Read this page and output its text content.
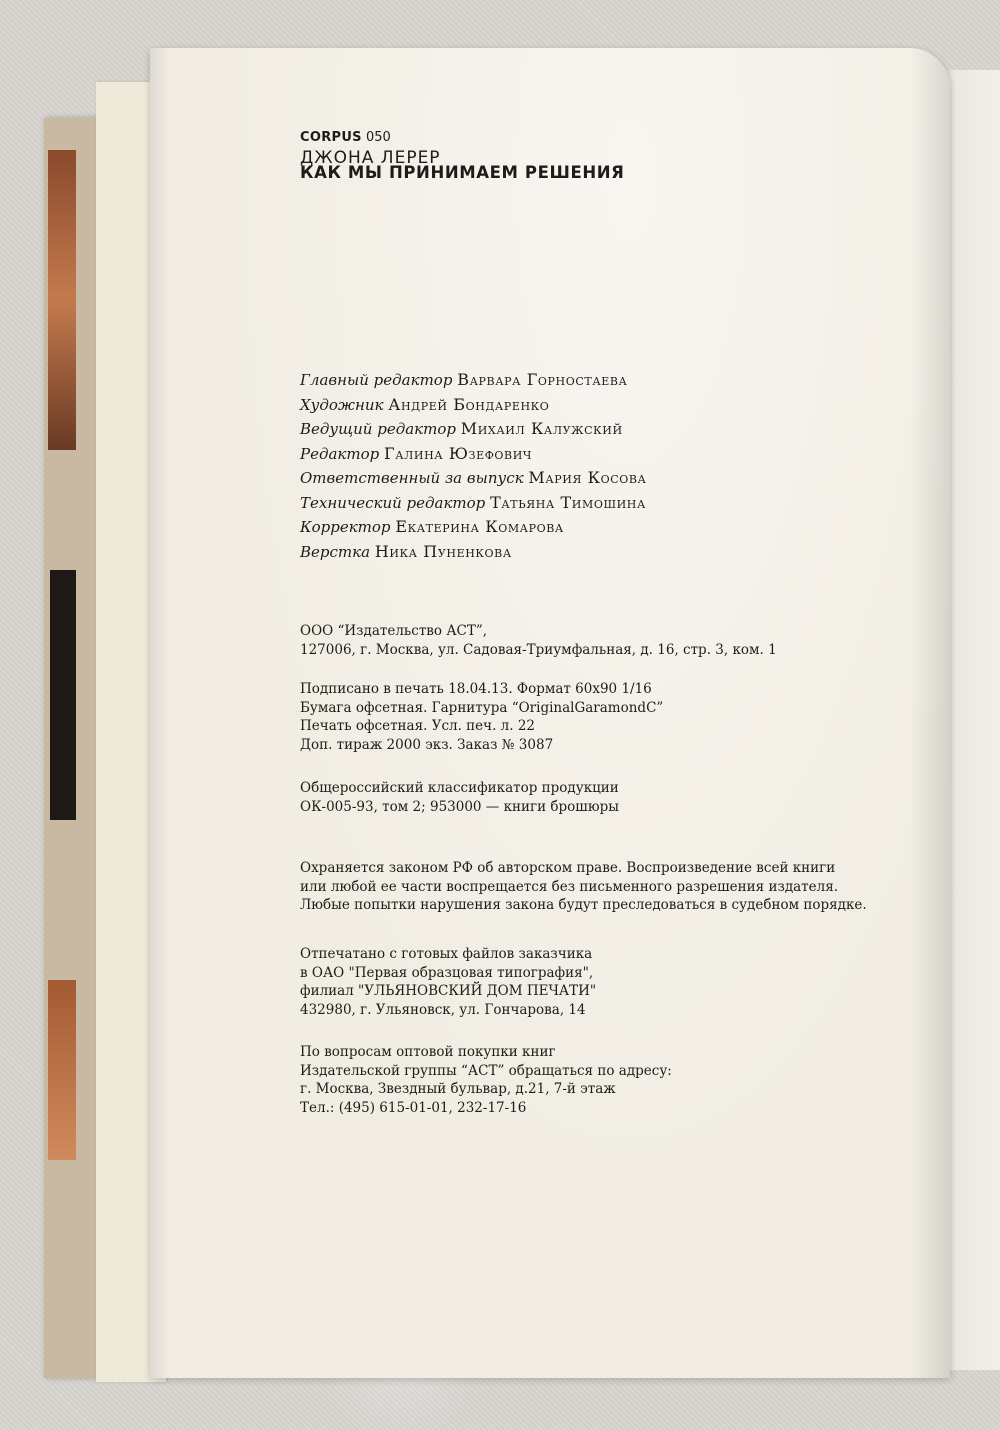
CORPUS 050
ДЖОНА ЛЕРЕР
КАК МЫ ПРИНИМАЕМ РЕШЕНИЯ
Главный редактор Варвара Горностаева
Художник Андрей Бондаренко
Ведущий редактор Михаил Калужский
Редактор Галина Юзефович
Ответственный за выпуск Мария Косова
Технический редактор Татьяна Тимошина
Корректор Екатерина Комарова
Верстка Ника Пуненкова
ООО “Издательство АСТ”,
127006, г. Москва, ул. Садовая-Триумфальная, д. 16, стр. 3, ком. 1
Подписано в печать 18.04.13. Формат 60х90 1/16
Бумага офсетная. Гарнитура “OriginalGaramondC”
Печать офсетная. Усл. печ. л. 22
Доп. тираж 2000 экз. Заказ № 3087
Общероссийский классификатор продукции
ОК-005-93, том 2; 953000 — книги брошюры
Охраняется законом РФ об авторском праве. Воспроизведение всей книги
или любой ее части воспрещается без письменного разрешения издателя.
Любые попытки нарушения закона будут преследоваться в судебном порядке.
Отпечатано с готовых файлов заказчика
в ОАО "Первая образцовая типография",
филиал "УЛЬЯНОВСКИЙ ДОМ ПЕЧАТИ"
432980, г. Ульяновск, ул. Гончарова, 14
По вопросам оптовой покупки книг
Издательской группы “АСТ” обращаться по адресу:
г. Москва, Звездный бульвар, д.21, 7-й этаж
Тел.: (495) 615-01-01, 232-17-16
